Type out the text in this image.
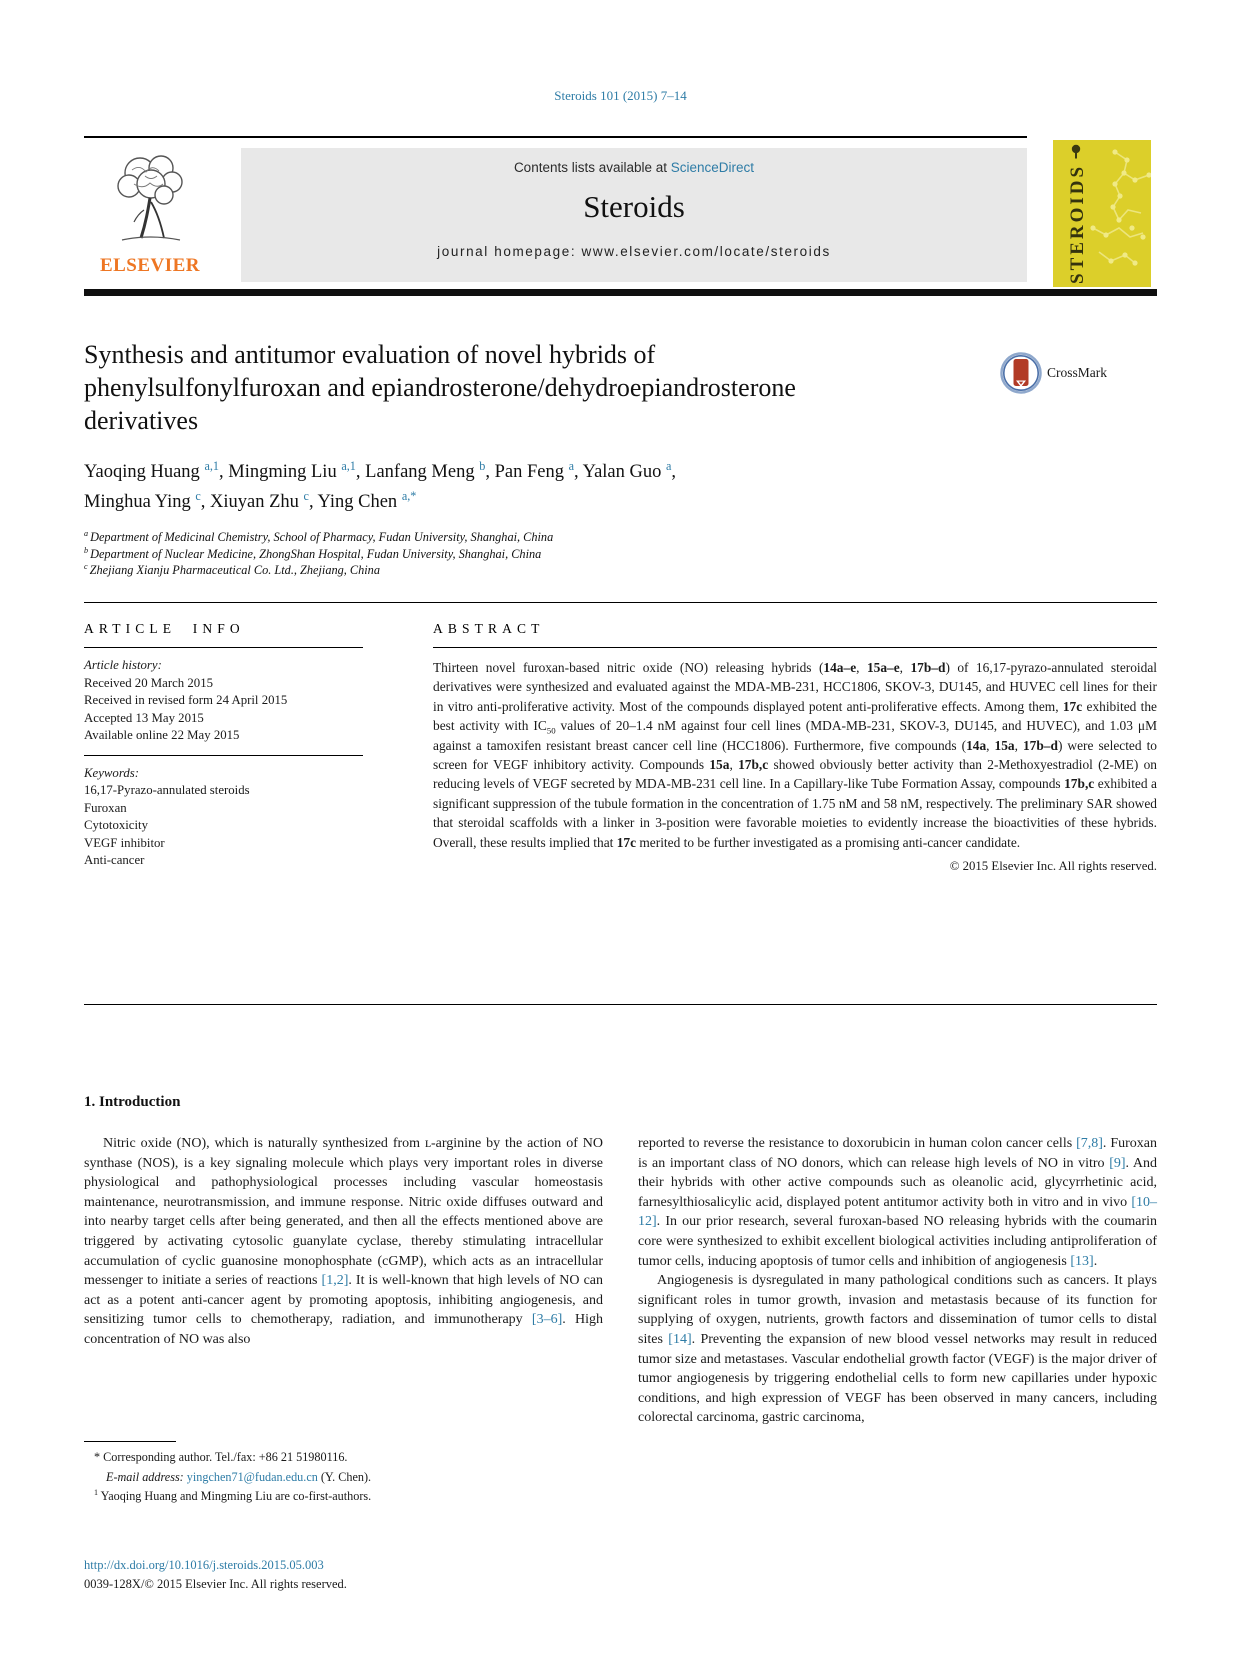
Steroids 101 (2015) 7–14
ELSEVIER
Contents lists available at ScienceDirect
Steroids
journal homepage: www.elsevier.com/locate/steroids	STEROIDS
Synthesis and antitumor evaluation of novel hybrids of
phenylsulfonylfuroxan and epiandrosterone/dehydroepiandrosterone
derivatives
CrossMark
Yaoqing Huang $^{a,1}$, Mingming Liu $^{a,1}$, Lanfang Meng $^b$, Pan Feng $^a$, Yalan Guo $^a$,
Minghua Ying $^c$, Xiuyan Zhu $^c$, Ying Chen $^{a,*}$
$^a$ Department of Medicinal Chemistry, School of Pharmacy, Fudan University, Shanghai, China
$^b$ Department of Nuclear Medicine, ZhongShan Hospital, Fudan University, Shanghai, China
$^c$ Zhejiang Xianju Pharmaceutical Co. Ltd., Zhejiang, China
ARTICLE INFO
Article history:
Received 20 March 2015
Received in revised form 24 April 2015
Accepted 13 May 2015
Available online 22 May 2015
Keywords:
16,17-Pyrazo-annulated steroids
Furoxan
Cytotoxicity
VEGF inhibitor
Anti-cancer
ABSTRACT
Thirteen novel furoxan-based nitric oxide (NO) releasing hybrids (14a–e, 15a–e, 17b–d) of 16,17-pyrazo-annulated steroidal derivatives were synthesized and evaluated against the MDA-MB-231, HCC1806, SKOV-3, DU145, and HUVEC cell lines for their in vitro anti-proliferative activity. Most of the compounds displayed potent anti-proliferative effects. Among them, 17c exhibited the best activity with $IC_{50}$ values of 20–1.4 nM against four cell lines (MDA-MB-231, SKOV-3, DU145, and HUVEC), and 1.03 μM against a tamoxifen resistant breast cancer cell line (HCC1806). Furthermore, five compounds (14a, 15a, 17b–d) were selected to screen for VEGF inhibitory activity. Compounds 15a, 17b,c showed obviously better activity than 2-Methoxyestradiol (2-ME) on reducing levels of VEGF secreted by MDA-MB-231 cell line. In a Capillary-like Tube Formation Assay, compounds 17b,c exhibited a significant suppression of the tubule formation in the concentration of 1.75 nM and 58 nM, respectively. The preliminary SAR showed that steroidal scaffolds with a linker in 3-position were favorable moieties to evidently increase the bioactivities of these hybrids. Overall, these results implied that 17c merited to be further investigated as a promising anti-cancer candidate.
© 2015 Elsevier Inc. All rights reserved.
1. Introduction

Nitric oxide (NO), which is naturally synthesized from ʟ-arginine by the action of NO synthase (NOS), is a key signaling molecule which plays very important roles in diverse physiological and pathophysiological processes including vascular homeostasis maintenance, neurotransmission, and immune response. Nitric oxide diffuses outward and into nearby target cells after being generated, and then all the effects mentioned above are triggered by activating cytosolic guanylate cyclase, thereby stimulating intracellular accumulation of cyclic guanosine monophosphate (cGMP), which acts as an intracellular messenger to initiate a series of reactions [1,2]. It is well-known that high levels of NO can act as a potent anti-cancer agent by promoting apoptosis, inhibiting angiogenesis, and sensitizing tumor cells to chemotherapy, radiation, and immunotherapy [3–6]. High concentration of NO was also

reported to reverse the resistance to doxorubicin in human colon cancer cells [7,8]. Furoxan is an important class of NO donors, which can release high levels of NO in vitro [9]. And their hybrids with other active compounds such as oleanolic acid, glycyrrhetinic acid, farnesylthiosalicylic acid, displayed potent antitumor activity both in vitro and in vivo [10–12]. In our prior research, several furoxan-based NO releasing hybrids with the coumarin core were synthesized to exhibit excellent biological activities including antiproliferation of tumor cells, inducing apoptosis of tumor cells and inhibition of angiogenesis [13].

Angiogenesis is dysregulated in many pathological conditions such as cancers. It plays significant roles in tumor growth, invasion and metastasis because of its function for supplying of oxygen, nutrients, growth factors and dissemination of tumor cells to distal sites [14]. Preventing the expansion of new blood vessel networks may result in reduced tumor size and metastases. Vascular endothelial growth factor (VEGF) is the major driver of tumor angiogenesis by triggering endothelial cells to form new capillaries under hypoxic conditions, and high expression of VEGF has been observed in many cancers, including colorectal carcinoma, gastric carcinoma,

* Corresponding author. Tel./fax: +86 21 51980116.
E-mail address: yingchen71@fudan.edu.cn (Y. Chen).
$^1$ Yaoqing Huang and Mingming Liu are co-first-authors.
http://dx.doi.org/10.1016/j.steroids.2015.05.003
0039-128X/© 2015 Elsevier Inc. All rights reserved.
